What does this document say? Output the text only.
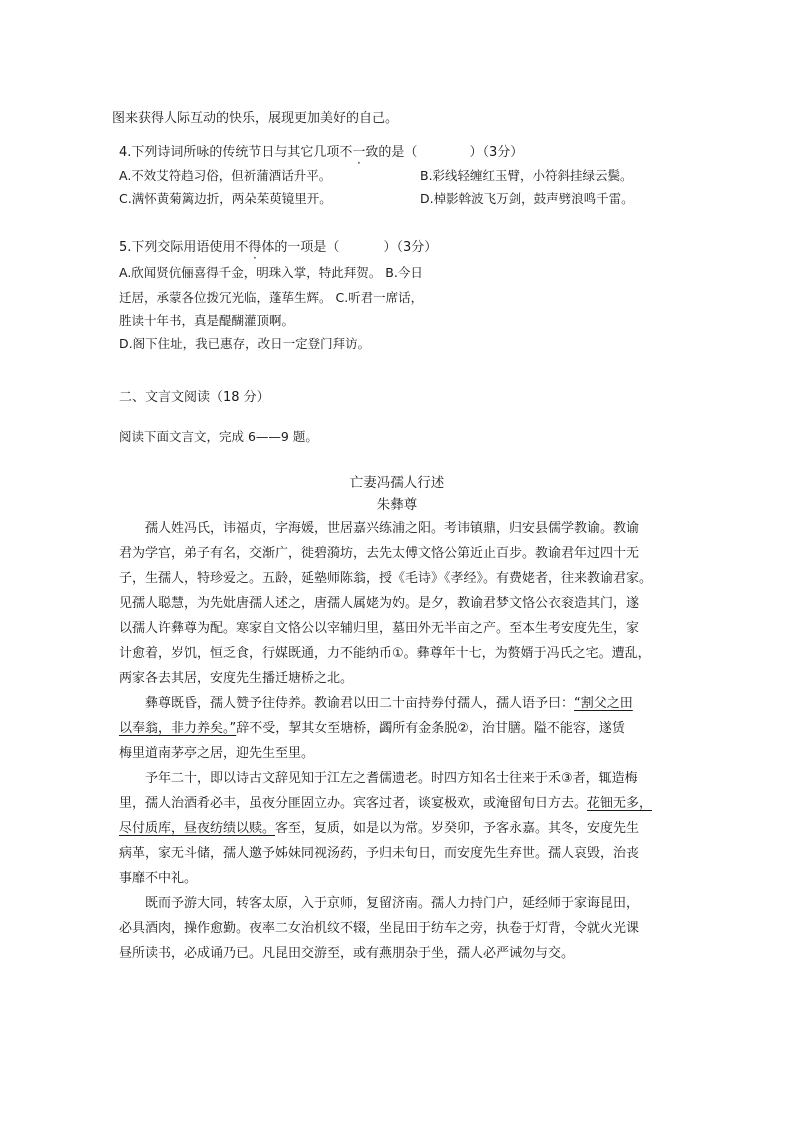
图来获得人际互动的快乐，展现更加美好的自己。
4.下列诗词所咏的传统节日与其它几项不一致的是（	）（3分）
A.不效艾符趋习俗，但祈蒲酒话升平。	B.彩线轻缠红玉臂，小符斜挂绿云鬓。
C.满怀黄菊篱边折，两朵茱萸镜里开。	D.棹影斡波飞万剑，鼓声劈浪鸣千雷。
5.下列交际用语使用不得体的一项是（	）（3分）
A.欣闻贤伉俪喜得千金，明珠入掌，特此拜贺。 B.今日
迁居，承蒙各位拨冗光临，蓬荜生辉。 C.听君一席话，
胜读十年书，真是醍醐灌顶啊。
D.阁下住址，我已惠存，改日一定登门拜访。
二、文言文阅读（18 分）
阅读下面文言文，完成 6——9 题。
亡妻冯孺人行述
朱彝尊
孺人姓冯氏，讳福贞，字海媛，世居嘉兴练浦之阳。考讳镇鼎，归安县儒学教谕。教谕
君为学官，弟子有名，交渐广，徙碧漪坊，去先太傅文恪公第近止百步。教谕君年过四十无
子，生孺人，特珍爱之。五龄，延塾师陈翁，授《毛诗》《孝经》。有费姥者，往来教谕君家。
见孺人聪慧，为先妣唐孺人述之，唐孺人属姥为妁。是夕，教谕君梦文恪公衣衮造其门，遂
以孺人许彝尊为配。寒家自文恪公以宰辅归里，墓田外无半亩之产。至本生考安度先生，家
计愈着，岁饥，恒乏食，行媒既通，力不能纳币①。彝尊年十七，为赘婿于冯氏之宅。遭乱，
两家各去其居，安度先生播迁塘桥之北。
彝尊既昏，孺人赞予往侍养。教谕君以田二十亩持券付孺人，孺人语予曰：“割父之田
以奉翁，非力养矣。”辞不受，挈其女至塘桥，蠲所有金条脱②，治甘膳。隘不能容，遂赁
梅里道南茅亭之居，迎先生至里。
予年二十，即以诗古文辞见知于江左之耆儒遗老。时四方知名士往来于禾③者，辄造梅
里，孺人治酒肴必丰，虽夜分匪固立办。宾客过者，谈宴极欢，或淹留旬日方去。花钿无多，
尽付质库，昼夜纺绩以赎。客至，复质，如是以为常。岁癸卯，予客永嘉。其冬，安度先生
病革，家无斗储，孺人邀予姊妹同视汤药，予归未旬日，而安度先生弃世。孺人哀毁，治丧
事靡不中礼。
既而予游大同，转客太原，入于京师，复留济南。孺人力持门户，延经师于家诲昆田，
必具酒肉，操作愈勤。夜率二女治机纹不辍，坐昆田于纺车之旁，执卷于灯背，令就火光课
昼所读书，必成诵乃已。凡昆田交游至，或有燕朋杂于坐，孺人必严诫勿与交。
